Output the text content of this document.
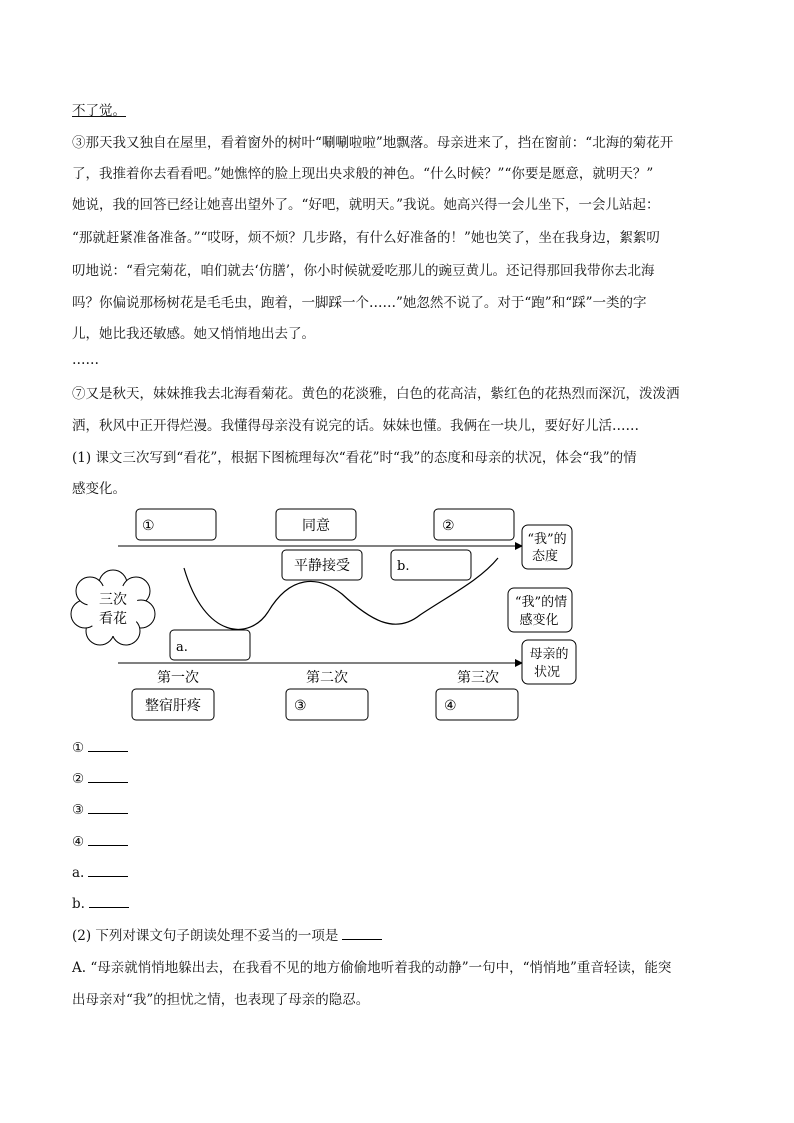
不了觉。
③那天我又独自在屋里，看着窗外的树叶“唰唰啦啦”地飘落。母亲进来了，挡在窗前：“北海的菊花开
了，我推着你去看看吧。”她憔悴的脸上现出央求般的神色。“什么时候？”“你要是愿意，就明天？”
她说，我的回答已经让她喜出望外了。“好吧，就明天。”我说。她高兴得一会儿坐下，一会儿站起：
“那就赶紧准备准备。”“哎呀，烦不烦？几步路，有什么好准备的！”她也笑了，坐在我身边，絮絮叨
叨地说：“看完菊花，咱们就去‘仿膳’，你小时候就爱吃那儿的豌豆黄儿。还记得那回我带你去北海
吗？你偏说那杨树花是毛毛虫，跑着，一脚踩一个……”她忽然不说了。对于“跑”和“踩”一类的字
儿，她比我还敏感。她又悄悄地出去了。
……
⑦又是秋天，妹妹推我去北海看菊花。黄色的花淡雅，白色的花高洁，紫红色的花热烈而深沉，泼泼洒
洒，秋风中正开得烂漫。我懂得母亲没有说完的话。妹妹也懂。我俩在一块儿，要好好儿活……
(1) 课文三次写到“看花”，根据下图梳理每次“看花”时“我”的态度和母亲的状况，体会“我”的情
感变化。
三次
看花
①	同意	②
“我”的
态度
平静接受	b.
a.
“我”的情
感变化
母亲的
状况
第一次	第二次	第三次
整宿肝疼	③	④
①
②
③
④
a.
b.
(2) 下列对课文句子朗读处理不妥当的一项是
A. “母亲就悄悄地躲出去，在我看不见的地方偷偷地听着我的动静”一句中，“悄悄地”重音轻读，能突
出母亲对“我”的担忧之情，也表现了母亲的隐忍。
